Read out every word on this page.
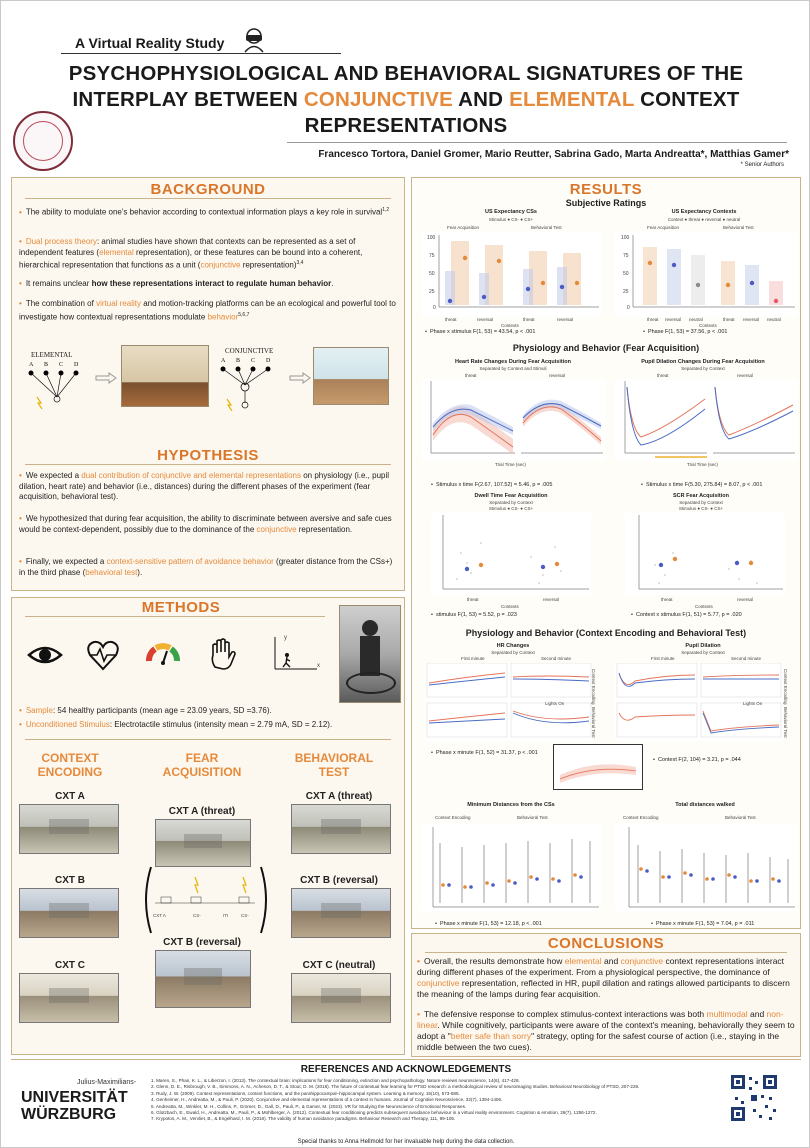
A Virtual Reality Study
PSYCHOPHYSIOLOGICAL AND BEHAVIORAL SIGNATURES OF THE
INTERPLAY BETWEEN CONJUNCTIVE AND ELEMENTAL CONTEXT
REPRESENTATIONS
Francesco Tortora, Daniel Gromer, Mario Reutter, Sabrina Gado, Marta Andreatta*, Matthias Gamer*
* Senior Authors
BACKGROUND
• The ability to modulate one's behavior according to contextual information plays a key role in survival$^{1,2}$
• Dual process theory: animal studies have shown that contexts can be represented as a set of independent features (elemental representation), or these features can be bound into a coherent, hierarchical representation that functions as a unit (conjunctive representation)$^{3,4}$
• It remains unclear how these representations interact to regulate human behavior.
• The combination of virtual reality and motion-tracking platforms can be an ecological and powerful tool to investigate how contextual representations modulate behavior$^{5,6,7}$
ELEMENTAL
A B C D
CONJUNCTIVE
A B C D
HYPOTHESIS
• We expected a dual contribution of conjunctive and elemental representations on physiology (i.e., pupil dilation, heart rate) and behavior (i.e., distances) during the different phases of the experiment (fear acquisition, behavioral test).
• We hypothesized that during fear acquisition, the ability to discriminate between aversive and safe cues would be context-dependent, possibly due to the dominance of the conjunctive representation.
• Finally, we expected a context-sensitive pattern of avoidance behavior (greater distance from the CSs+) in the third phase (behavioral test).
METHODS
y
x
• Sample: 54 healthy participants (mean age = 23.09 years, SD =3.76).
• Unconditioned Stimulus: Electrotactile stimulus (intensity mean = 2.79 mA, SD = 2.12).
CONTEXT
ENCODING
FEAR
ACQUISITION
BEHAVIORAL
TEST
CXT A
CXT B
CXT C
CXT A (threat)
CXT A	CS-	ITI	CS-
CXT B (reversal)
CXT A (threat)
CXT B (reversal)
CXT C (neutral)
RESULTS
Subjective Ratings
US Expectancy CSs
Stimulus ● CS- ● CS+
Fear Acquisition	Behavioral Test
100
75
50
25
0
threat	reversal	threat	reversal
Contexts
• Phase x stimulus F(1, 53) = 43.54, p < .001
US Expectancy Contexts
Context ● threat ● reversal ● neutral
Fear Acquisition	Behavioral Test
100
75
50
25
0
threat reversal neutral	threat reversal neutral
Contexts
• Phase F(1, 53) = 37.56, p < .001
Physiology and Behavior (Fear Acquisition)
Heart Rate Changes During Fear Acquisition
Separated by Context and Stimuli
threat	reversal
Trial Time (sec)
• Stimulus x time F(2.67, 107.52) = 5.46, p = .005
Pupil Dilation Changes During Fear Acquisition
Separated by Context
threat	reversal
Trial Time (sec)
• Stimulus x time F(5.30, 275.84) = 8.07, p < .001
Dwell Time Fear Acquisition
Separated by Context
Stimulus ● CS- ● CS+
threat	reversal
Contexts
• stimulus F(1, 53) = 5.52, p = .023
SCR Fear Acquisition
Separated by Context
Stimulus ● CS- ● CS+
threat	reversal
Contexts
• Context x stimulus F(1, 51) = 5.77, p = .020
Physiology and Behavior (Context Encoding and Behavioral Test)
HR Changes
Separated by Context
First minute	Second minute
Context Encoding
Behavioral Test
Lights On
• Phase x minute F(1, 52) = 31.37, p < .001
Pupil Dilation
Separated by Context
First minute	Second minute
Context Encoding
Behavioral Test
Lights On
• Context F(2, 104) = 3.21, p = .044
Minimum Distances from the CSs
Context Encoding	Behavioral Test
• Phase x minute F(1, 53) = 12.18, p < .001
Total distances walked
Context Encoding	Behavioral Test
• Phase x minute F(1, 53) = 7.04, p = .011
CONCLUSIONS
• Overall, the results demonstrate how elemental and conjunctive context representations interact during different phases of the experiment. From a physiological perspective, the dominance of conjunctive representation, reflected in HR, pupil dilation and ratings allowed participants to discern the meaning of the lamps during fear acquisition.
• The defensive response to complex stimulus-context interactions was both multimodal and non-linear. While cognitively, participants were aware of the context's meaning, behaviorally they seem to adopt a "better safe than sorry" strategy, opting for the safest course of action (i.e., staying in the middle between the two cues).
REFERENCES AND ACKNOWLEDGEMENTS
Julius-Maximilians-
UNIVERSITÄT
WÜRZBURG
1. Maren, S., Phan, K. L., & Liberzon, I. (2013). The contextual brain: implications for fear conditioning, extinction and psychopathology. Nature reviews neuroscience, 14(6), 417-428.
2. Glenn, D. E., Risbrough, V. B., Simmons, A. N., Acheson, D. T., & Stout, D. M. (2018). The future of contextual fear learning for PTSD research: a methodological review of neuroimaging studies. Behavioral Neurobiology of PTSD, 207-228.
3. Rudy, J. W. (2009). Context representations, context functions, and the parahippocampal–hippocampal system. Learning & memory, 16(10), 573-585.
4. Genheimer, H., Andreatta, M., & Pauli, P. (2020). Conjunctive and elemental representations of a context in humans. Journal of Cognitive Neuroscience, 32(7), 1394-1406.
5. Andreatta, M., Winkler, M. H., Collins, P., Gromer, D., Gall, D., Pauli, P., & Gamer, M. (2023). VR for Studying the Neuroscience of Emotional Responses.
6. Glotzbach, E., Ewald, H., Andreatta, M., Pauli, P., & Mühlberger, A. (2012). Contextual fear conditioning predicts subsequent avoidance behaviour in a virtual reality environment. Cognition & emotion, 26(7), 1256-1272.
7. Krypotos, A. M., Vervliet, B., & Engelhard, I. M. (2018). The validity of human avoidance paradigms. Behaviour Research and Therapy, 111, 99-105.
Special thanks to Anna Hellmold for her invaluable help during the data collection.
